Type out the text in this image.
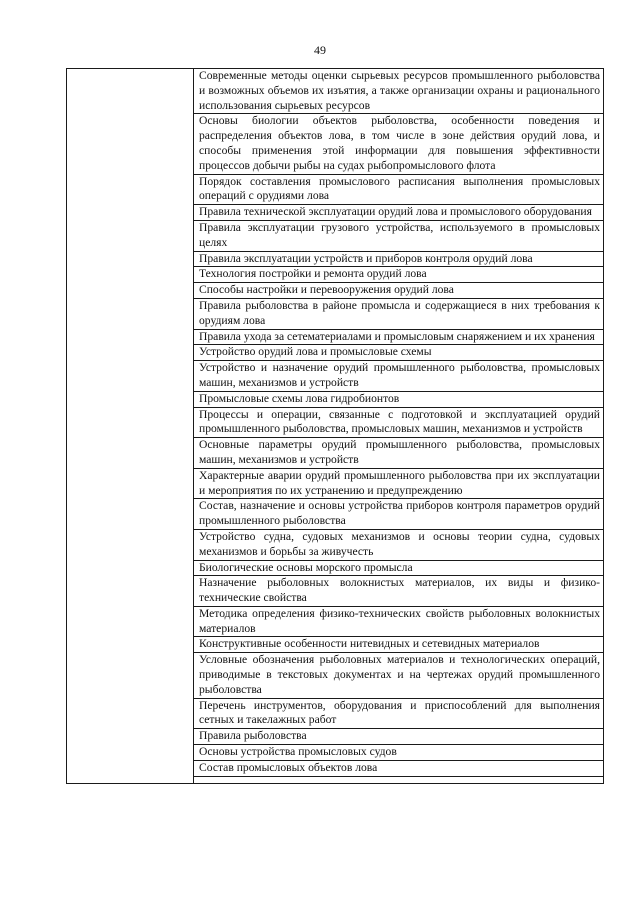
49
	Современные методы оценки сырьевых ресурсов промышленного рыболовства и возможных объемов их изъятия, а также организации охраны и рационального использования сырьевых ресурсов
Основы биологии объектов рыболовства, особенности поведения и распределения объектов лова, в том числе в зоне действия орудий лова, и способы применения этой информации для повышения эффективности процессов добычи рыбы на судах рыбопромыслового флота
Порядок составления промыслового расписания выполнения промысловых операций с орудиями лова
Правила технической эксплуатации орудий лова и промыслового оборудования
Правила эксплуатации грузового устройства, используемого в промысловых целях
Правила эксплуатации устройств и приборов контроля орудий лова
Технология постройки и ремонта орудий лова
Способы настройки и перевооружения орудий лова
Правила рыболовства в районе промысла и содержащиеся в них требования к орудиям лова
Правила ухода за сетематериалами и промысловым снаряжением и их хранения
Устройство орудий лова и промысловые схемы
Устройство и назначение орудий промышленного рыболовства, промысловых машин, механизмов и устройств
Промысловые схемы лова гидробионтов
Процессы и операции, связанные с подготовкой и эксплуатацией орудий промышленного рыболовства, промысловых машин, механизмов и устройств
Основные параметры орудий промышленного рыболовства, промысловых машин, механизмов и устройств
Характерные аварии орудий промышленного рыболовства при их эксплуатации и мероприятия по их устранению и предупреждению
Состав, назначение и основы устройства приборов контроля параметров орудий промышленного рыболовства
Устройство судна, судовых механизмов и основы теории судна, судовых механизмов и борьбы за живучесть
Биологические основы морского промысла
Назначение рыболовных волокнистых материалов, их виды и физико-технические свойства
Методика определения физико-технических свойств рыболовных волокнистых материалов
Конструктивные особенности нитевидных и сетевидных материалов
Условные обозначения рыболовных материалов и технологических операций, приводимые в текстовых документах и на чертежах орудий промышленного рыболовства
Перечень инструментов, оборудования и приспособлений для выполнения сетных и такелажных работ
Правила рыболовства
Основы устройства промысловых судов
Состав промысловых объектов лова
